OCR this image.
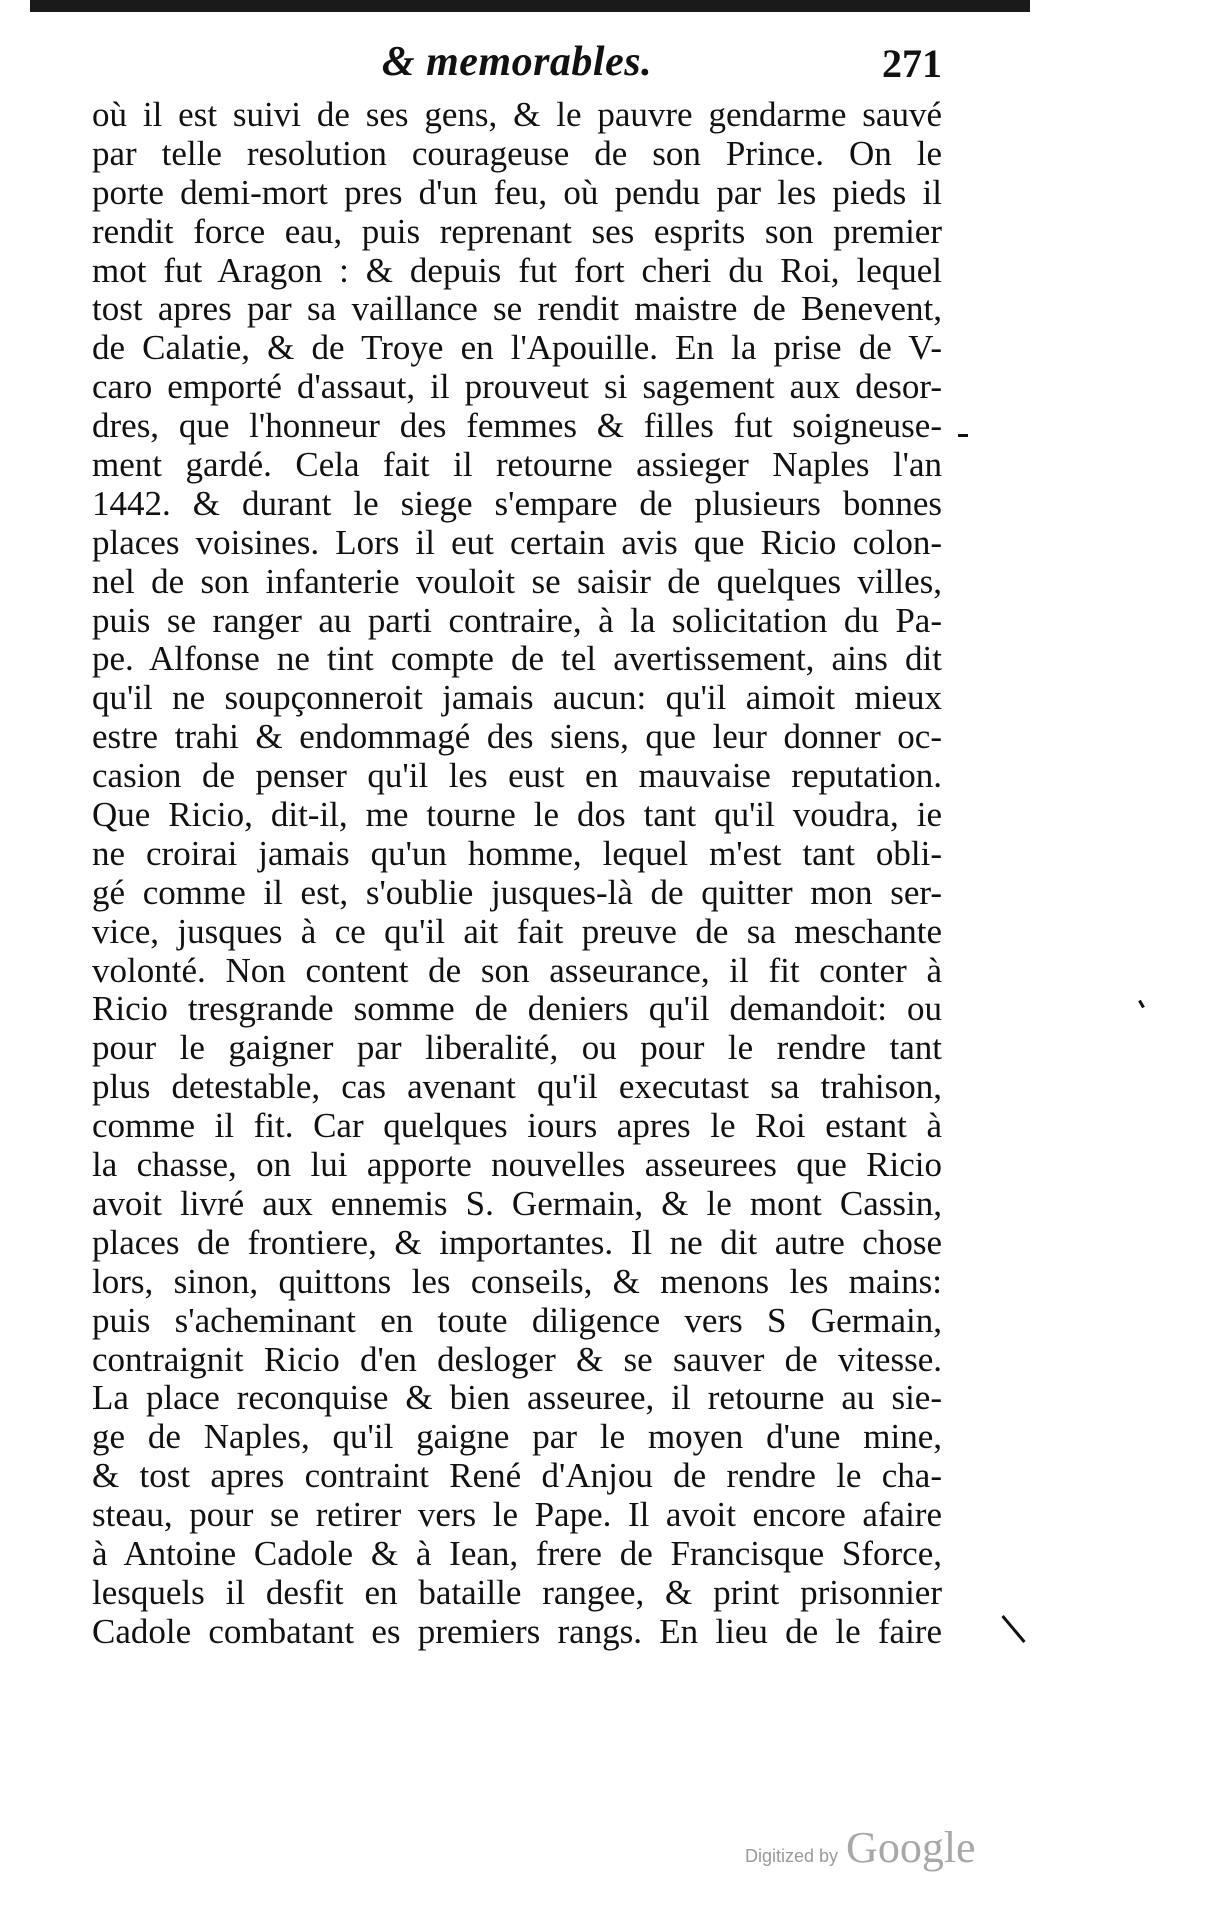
& memorables.	271
où il est suivi de ses gens, & le pauvre gendarme sauvé
par telle resolution courageuse de son Prince. On le
porte demi-mort pres d'un feu, où pendu par les pieds il
rendit force eau, puis reprenant ses esprits son premier
mot fut Aragon : & depuis fut fort cheri du Roi, lequel
tost apres par sa vaillance se rendit maistre de Benevent,
de Calatie, & de Troye en l'Apouille. En la prise de V-
caro emporté d'assaut, il prouveut si sagement aux desor-
dres, que l'honneur des femmes & filles fut soigneuse-
ment gardé. Cela fait il retourne assieger Naples l'an
1442. & durant le siege s'empare de plusieurs bonnes
places voisines. Lors il eut certain avis que Ricio colon-
nel de son infanterie vouloit se saisir de quelques villes,
puis se ranger au parti contraire, à la solicitation du Pa-
pe. Alfonse ne tint compte de tel avertissement, ains dit
qu'il ne soupçonneroit jamais aucun: qu'il aimoit mieux
estre trahi & endommagé des siens, que leur donner oc-
casion de penser qu'il les eust en mauvaise reputation.
Que Ricio, dit-il, me tourne le dos tant qu'il voudra, ie
ne croirai jamais qu'un homme, lequel m'est tant obli-
gé comme il est, s'oublie jusques-là de quitter mon ser-
vice, jusques à ce qu'il ait fait preuve de sa meschante
volonté. Non content de son asseurance, il fit conter à
Ricio tresgrande somme de deniers qu'il demandoit: ou
pour le gaigner par liberalité, ou pour le rendre tant
plus detestable, cas avenant qu'il executast sa trahison,
comme il fit. Car quelques iours apres le Roi estant à
la chasse, on lui apporte nouvelles asseurees que Ricio
avoit livré aux ennemis S. Germain, & le mont Cassin,
places de frontiere, & importantes. Il ne dit autre chose
lors, sinon, quittons les conseils, & menons les mains:
puis s'acheminant en toute diligence vers S Germain,
contraignit Ricio d'en desloger & se sauver de vitesse.
La place reconquise & bien asseuree, il retourne au sie-
ge de Naples, qu'il gaigne par le moyen d'une mine,
& tost apres contraint René d'Anjou de rendre le cha-
steau, pour se retirer vers le Pape. Il avoit encore afaire
à Antoine Cadole & à Iean, frere de Francisque Sforce,
lesquels il desfit en bataille rangee, & print prisonnier
Cadole combatant es premiers rangs. En lieu de le faire
Digitized by Google
